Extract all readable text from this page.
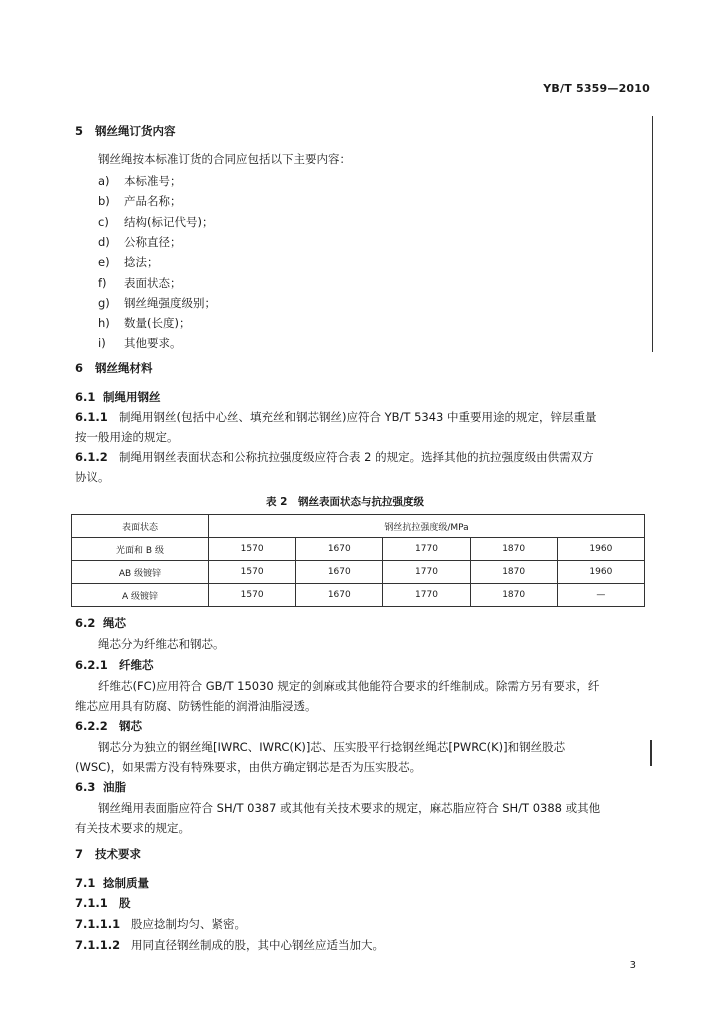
YB/T 5359—2010
5 钢丝绳订货内容
钢丝绳按本标准订货的合同应包括以下主要内容：
a) 本标准号；
b) 产品名称；
c) 结构(标记代号)；
d) 公称直径；
e) 捻法；
f) 表面状态；
g) 钢丝绳强度级别；
h) 数量(长度)；
i) 其他要求。
6 钢丝绳材料
6.1 制绳用钢丝
6.1.1 制绳用钢丝(包括中心丝、填充丝和钢芯钢丝)应符合 YB/T 5343 中重要用途的规定，锌层重量
按一般用途的规定。
6.1.2 制绳用钢丝表面状态和公称抗拉强度级应符合表 2 的规定。选择其他的抗拉强度级由供需双方
协议。
表 2　钢丝表面状态与抗拉强度级
表面状态	钢丝抗拉强度级/MPa				
光面和 B 级	1570	1670	1770	1870	1960
AB 级镀锌	1570	1670	1770	1870	1960
A 级镀锌	1570	1670	1770	1870	—
6.2 绳芯
绳芯分为纤维芯和钢芯。
6.2.1 纤维芯
纤维芯(FC)应用符合 GB/T 15030 规定的剑麻或其他能符合要求的纤维制成。除需方另有要求，纤
维芯应用具有防腐、防锈性能的润滑油脂浸透。
6.2.2 钢芯
钢芯分为独立的钢丝绳[IWRC、IWRC(K)]芯、压实股平行捻钢丝绳芯[PWRC(K)]和钢丝股芯
(WSC)，如果需方没有特殊要求，由供方确定钢芯是否为压实股芯。
6.3 油脂
钢丝绳用表面脂应符合 SH/T 0387 或其他有关技术要求的规定，麻芯脂应符合 SH/T 0388 或其他
有关技术要求的规定。
7 技术要求
7.1 捻制质量
7.1.1 股
7.1.1.1 股应捻制均匀、紧密。
7.1.1.2 用同直径钢丝制成的股，其中心钢丝应适当加大。
3
